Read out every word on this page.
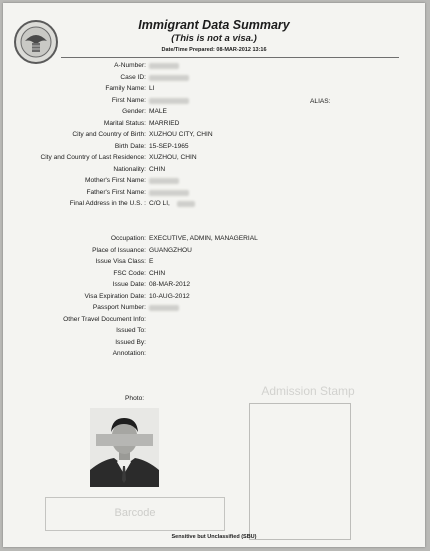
Immigrant Data Summary
(This is not a visa.)
Date/Time Prepared: 08-MAR-2012 13:16
ALIAS:
A-Number:
Case ID:
Family Name: LI
First Name:
Gender: MALE
Marital Status: MARRIED
City and Country of Birth: XUZHOU CITY, CHIN
Birth Date: 15-SEP-1965
City and Country of Last Residence: XUZHOU, CHIN
Nationality: CHIN
Mother's First Name:
Father's First Name:
Final Address in the U.S. : C/O LI,
Occupation: EXECUTIVE, ADMIN, MANAGERIAL
Place of Issuance: GUANGZHOU
Issue Visa Class: E
FSC Code: CHIN
Issue Date: 08-MAR-2012
Visa Expiration Date: 10-AUG-2012
Passport Number:
Other Travel Document Info:
Issued To:
Issued By:
Annotation:
Photo:
Admission Stamp
Barcode
Sensitive but Unclassified (SBU)
